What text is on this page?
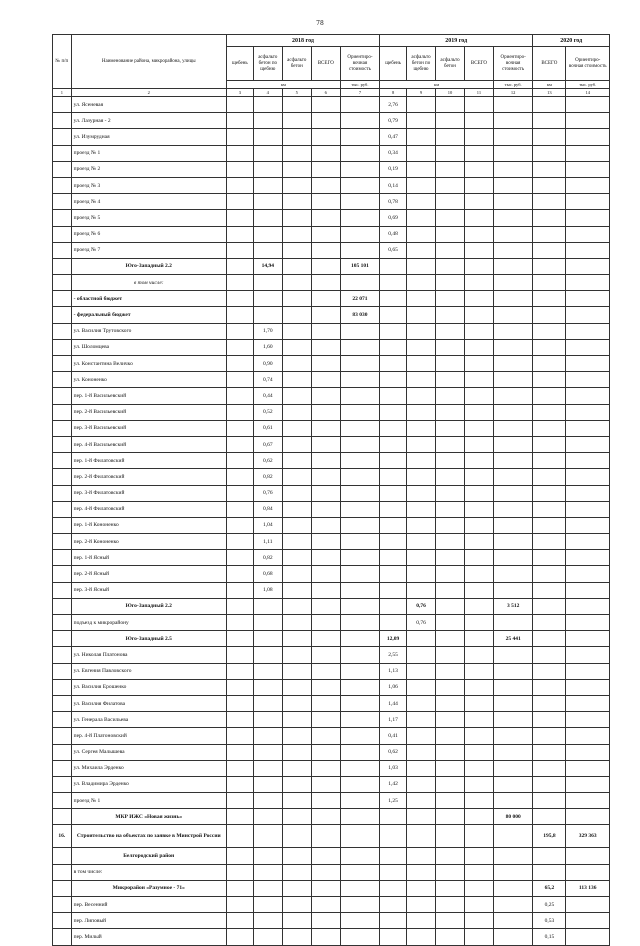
78
№ п/п	Наименование района, микрорайона, улицы	2018 год					2019 год					2020 год	
		щебень	асфальто бетон по щебню	асфальто бетон	ВСЕГО	Ориентиро- вочная стоимость	щебень	асфальто бетон по щебню	асфальто бетон	ВСЕГО	Ориентиро- вочная стоимость	ВСЕГО	Ориентиро- вочная стоимость
		км				тыс. руб.	км				тыс. руб.	км	тыс. руб.
1	2	3	4	5	6	7	8	9	10	11	12	13	14
	ул. Ясеневая						2,76						
	ул. Лазурная - 2						0,79						
	ул. Изумрудная						0,47						
	проезд № 1						0,34						
	проезд № 2						0,19						
	проезд № 3						0,14						
	проезд № 4						0,78						
	проезд № 5						0,69						
	проезд № 6						0,48						
	проезд № 7						0,65						
	Юго-Западный 2.2		14,94			105 101							
	в том числе:												
	- областной бюджет					22 071							
	- федеральный бюджет					83 030							
	ул. Василия Трутовского		1,70										
	ул. Шоломцева		1,60										
	ул. Константина Величко		0,90										
	ул. Кононенко		0,74										
	пер. 1-й Васильевский		0,44										
	пер. 2-й Васильевский		0,52										
	пер. 3-й Васильевский		0,61										
	пер. 4-й Васильевский		0,67										
	пер. 1-й Филатовский		0,62										
	пер. 2-й Филатовский		0,82										
	пер. 3-й Филатовский		0,76										
	пер. 4-й Филатовский		0,84										
	пер. 1-й Кононенко		1,04										
	пер. 2-й Кононенко		1,11										
	пер. 1-й Ясный		0,82										
	пер. 2-й Ясный		0,68										
	пер. 3-й Ясный		1,08										
	Юго-Западный 2.2							0,76			3 512		
	подъезд к микрорайону							0,76					
	Юго-Западный 2.5						12,09				25 441		
	ул. Николая Платонова						2,55						
	ул. Евгения Павловского						1,13						
	ул. Василия Ерошенко						1,06						
	ул. Василия Филатова						1,44						
	ул. Генерала Васильева						1,17						
	пер. 4-й Платоновский						0,41						
	ул. Сергея Малышева						0,62						
	ул. Михаила Эрденко						1,03						
	ул. Владимира Эрденко						1,42						
	проезд № 1						1,25						
	МКР ИЖС «Новая жизнь»										80 000		
16.	Строительство на объектах по заявке в Минстрой России											195,8	329 363
	Белгородский район												
	в том числе:												
	Микрорайон «Разумное - 71»											65,2	113 136
	пер. Весенний											0,25	
	пер. Липовый											0,53	
	пер. Милый											0,15	
